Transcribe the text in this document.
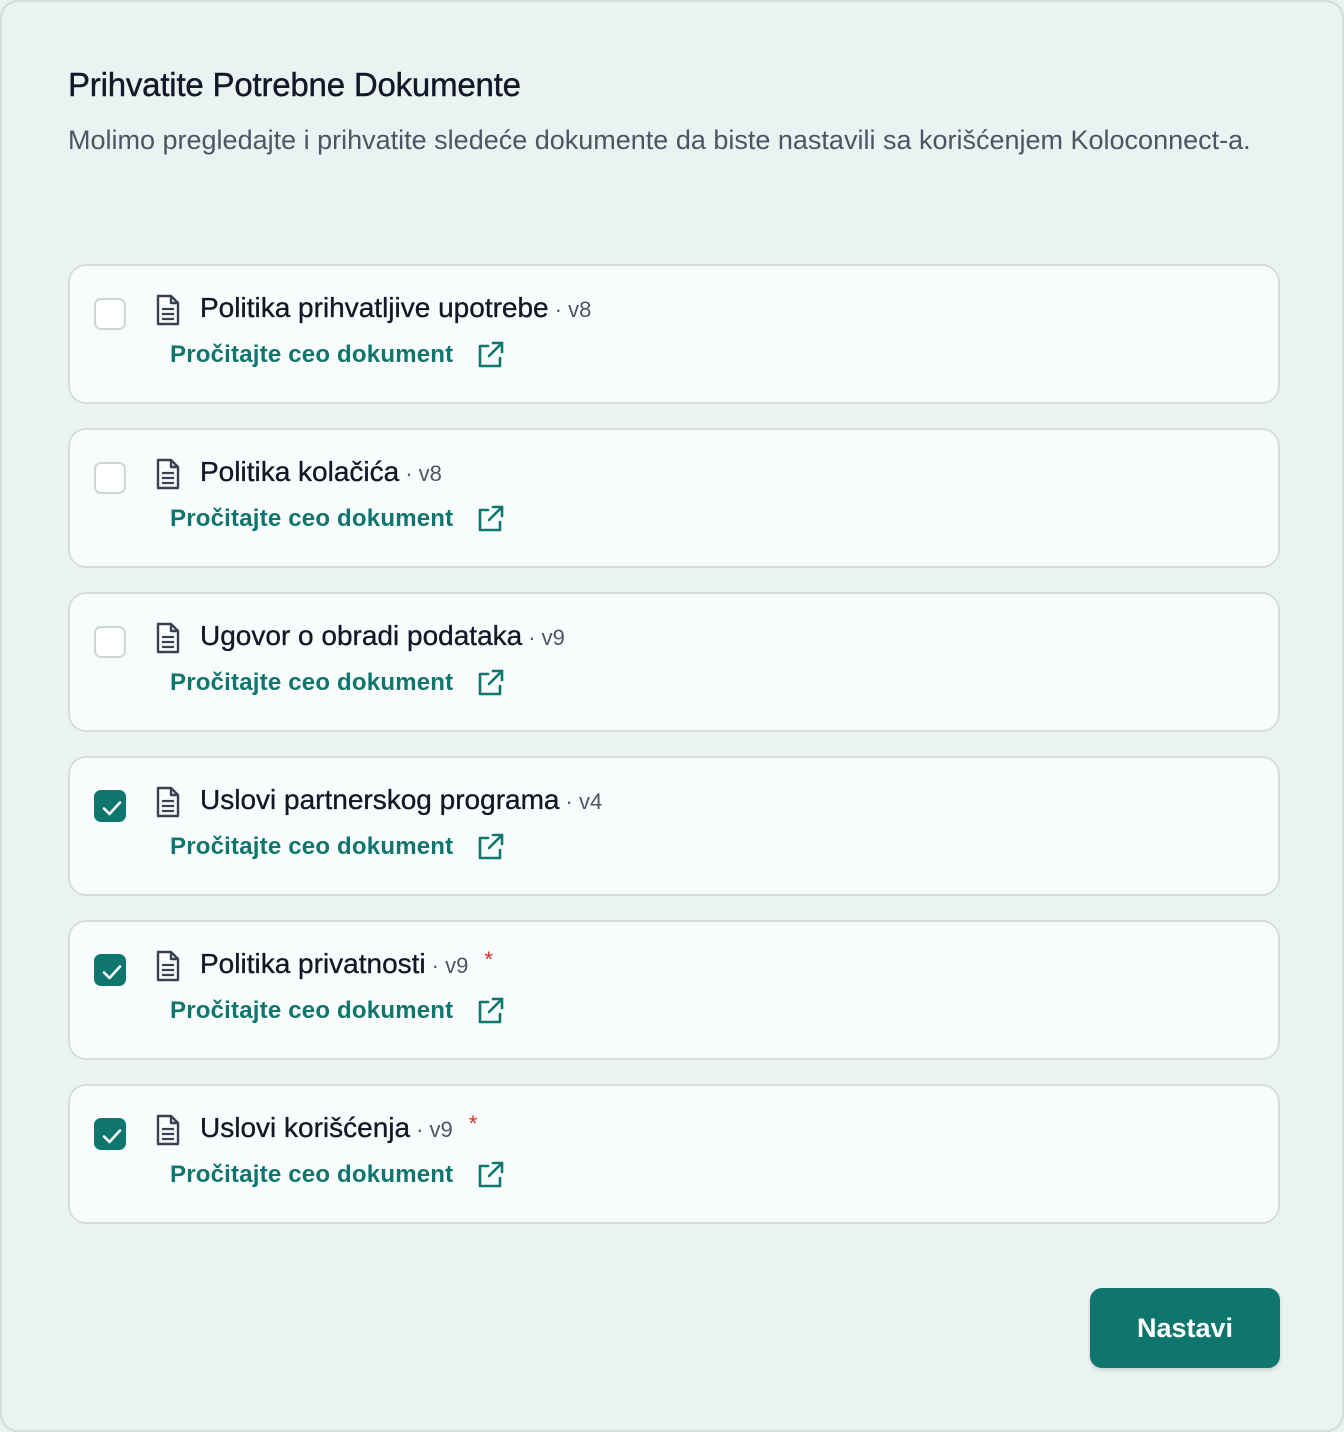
Prihvatite Potrebne Dokumente

Molimo pregledajte i prihvatite sledeće dokumente da biste nastavili sa korišćenjem Koloconnect-a.

Politika prihvatljive upotrebe · v8
Pročitajte ceo dokument
Politika kolačića · v8
Pročitajte ceo dokument
Ugovor o obradi podataka · v9
Pročitajte ceo dokument
Uslovi partnerskog programa · v4
Pročitajte ceo dokument
Politika privatnosti · v9 *
Pročitajte ceo dokument
Uslovi korišćenja · v9 *
Pročitajte ceo dokument
Nastavi
